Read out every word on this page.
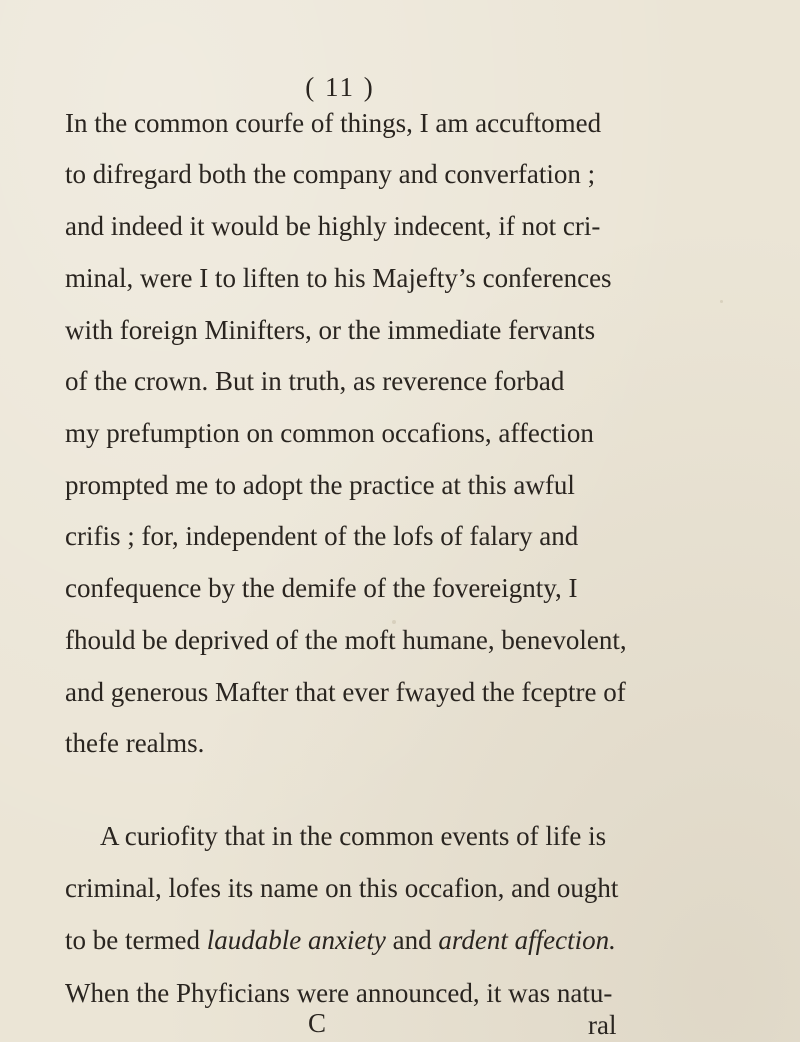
( 11 )
In the common courfe of things, I am accuftomed
to difregard both the company and converfation ;
and indeed it would be highly indecent, if not cri-
minal, were I to liften to his Majefty’s conferences
with foreign Minifters, or the immediate fervants
of the crown. But in truth, as reverence forbad
my prefumption on common occafions, affection
prompted me to adopt the practice at this awful
crifis ; for, independent of the lofs of falary and
confequence by the demife of the fovereignty, I
fhould be deprived of the moft humane, benevolent,
and generous Mafter that ever fwayed the fceptre of
thefe realms.
A curiofity that in the common events of life is
criminal, lofes its name on this occafion, and ought
to be termed laudable anxiety and ardent affection.
When the Phyficians were announced, it was natu-
C	ral
